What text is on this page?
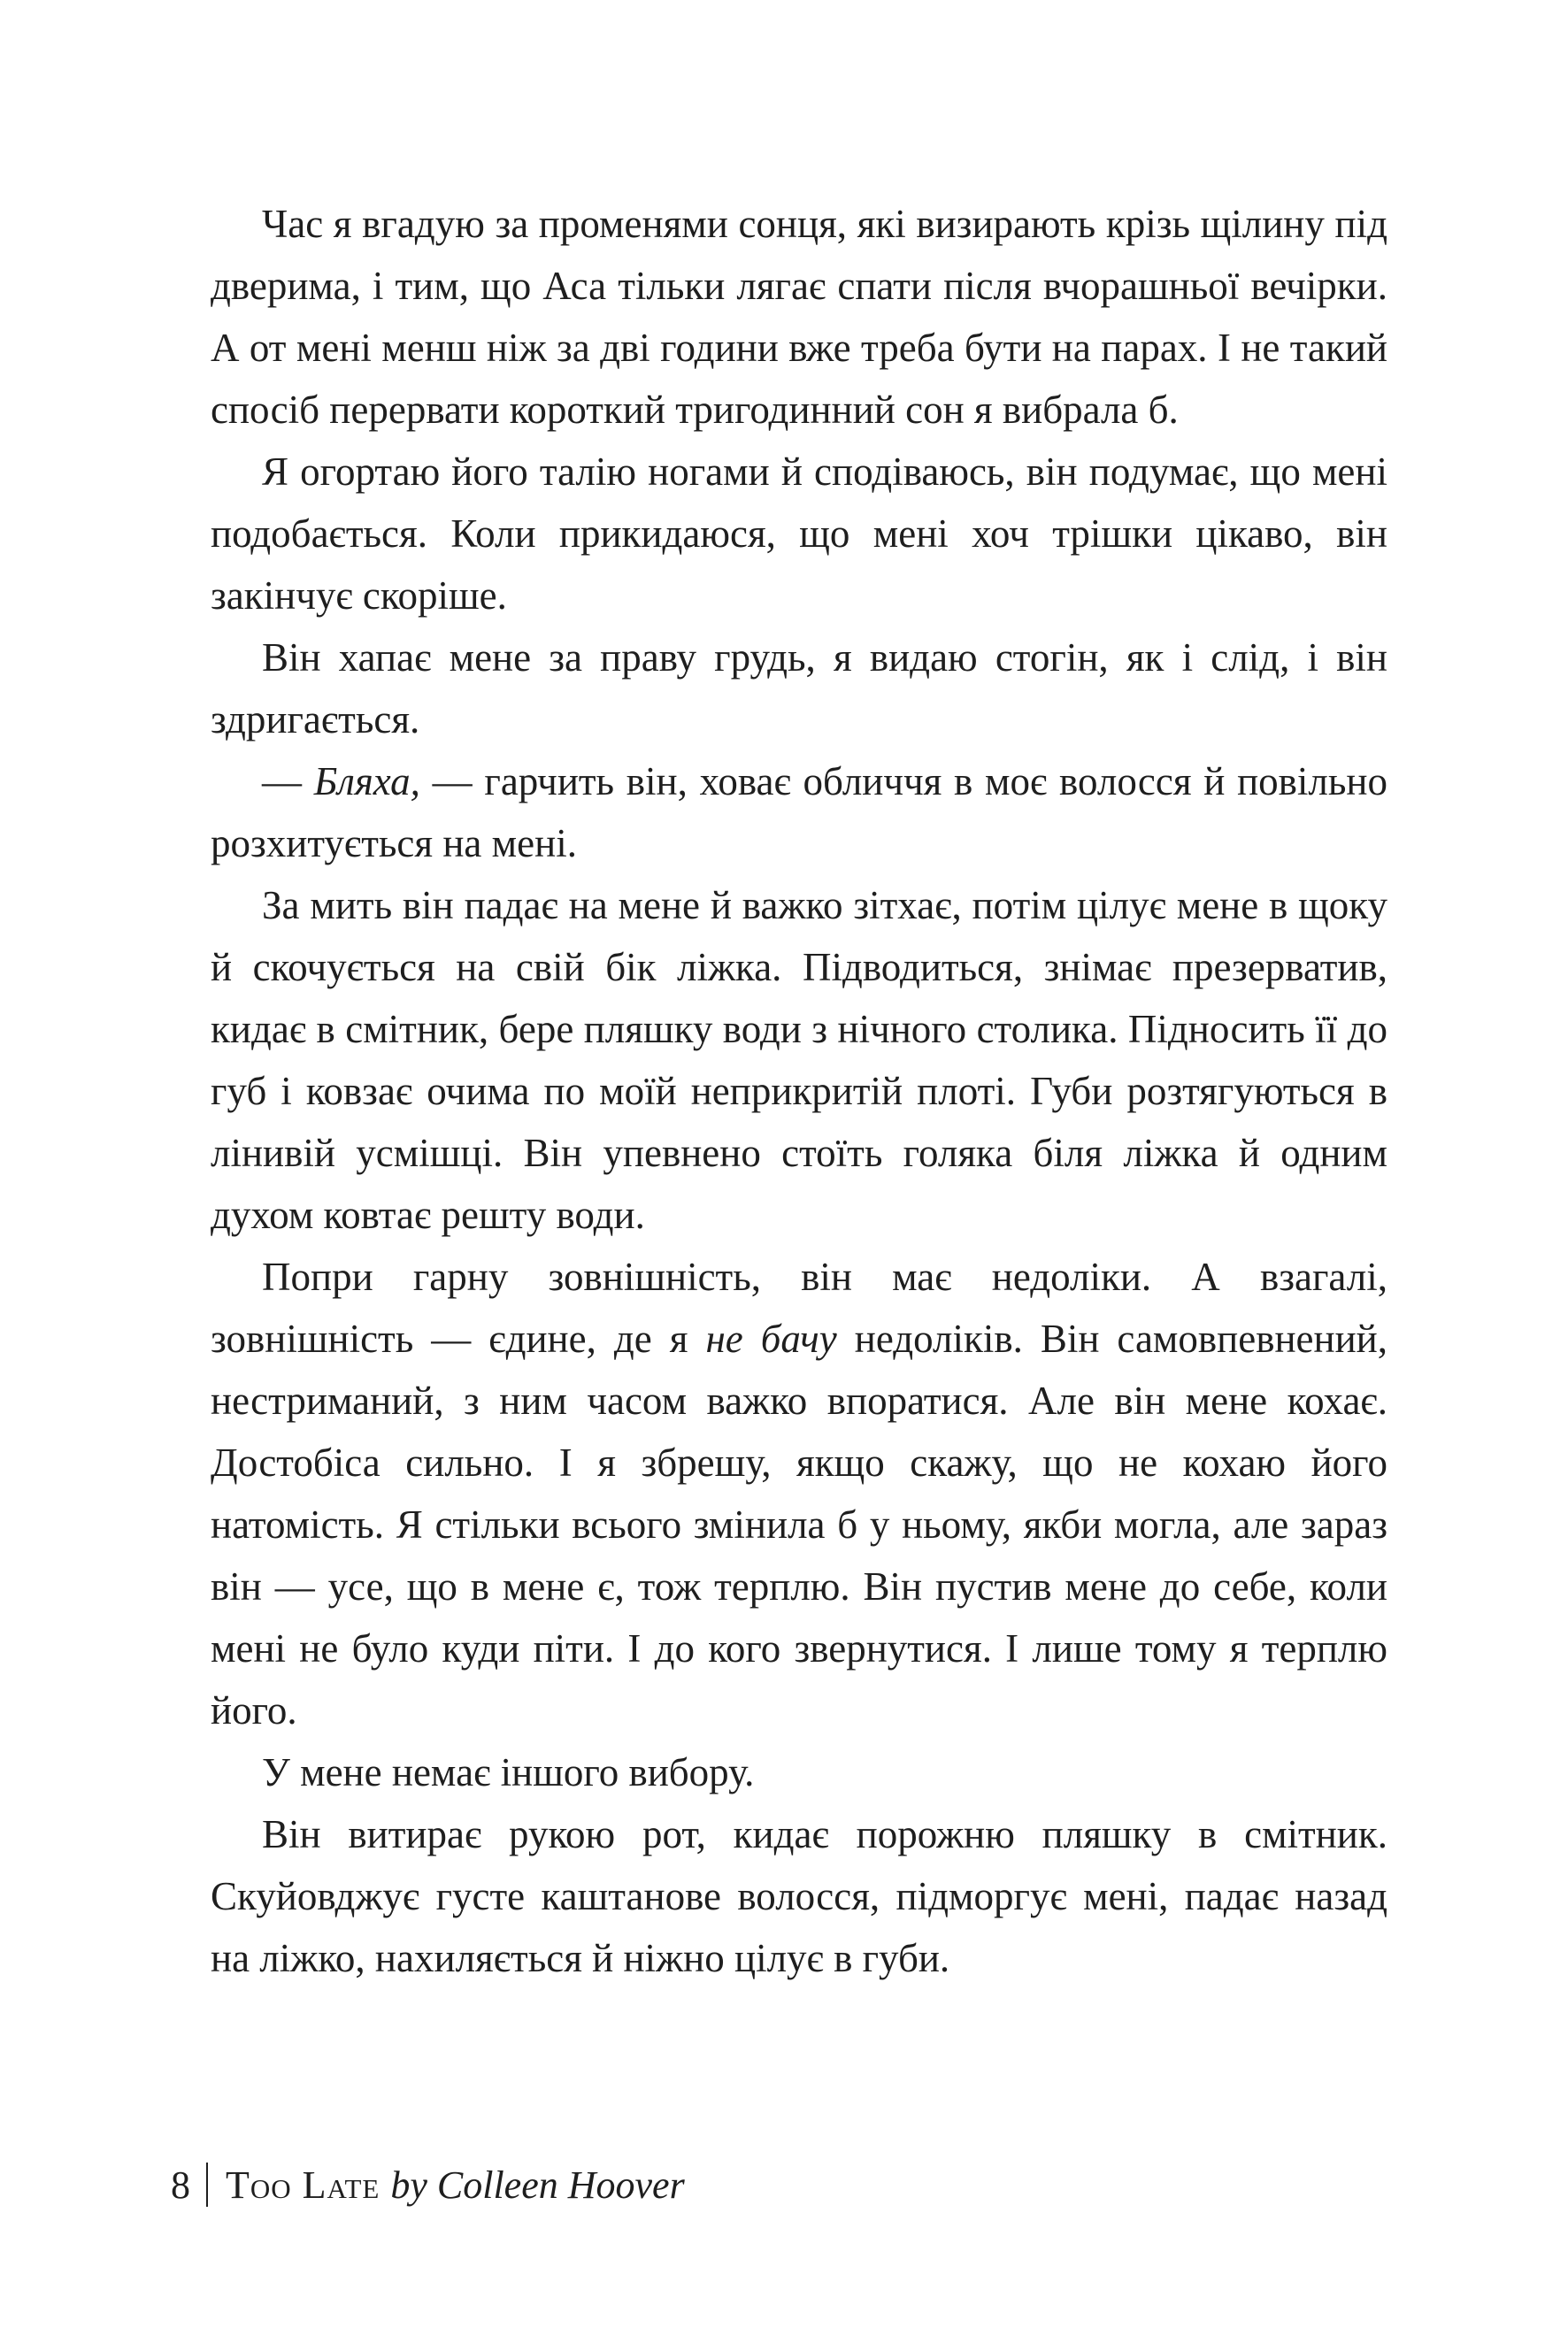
Час я вгадую за променями сонця, які визирають крізь щілину під дверима, і тим, що Аса тільки лягає спати після вчорашньої вечірки. А от мені менш ніж за дві години вже треба бути на парах. І не такий спосіб перервати короткий тригодинний сон я вибрала б.

Я огортаю його талію ногами й сподіваюсь, він подумає, що мені подобається. Коли прикидаюся, що мені хоч трішки цікаво, він закінчує скоріше.

Він хапає мене за праву грудь, я видаю стогін, як і слід, і він здригається.

— Бляха, — гарчить він, ховає обличчя в моє волосся й повільно розхитується на мені.

За мить він падає на мене й важко зітхає, потім цілує мене в щоку й скочується на свій бік ліжка. Підводиться, знімає презерватив, кидає в смітник, бере пляшку води з нічного столика. Підносить її до губ і ковзає очима по моїй неприкритій плоті. Губи розтягуються в лінивій усмішці. Він упевнено стоїть голяка біля ліжка й одним духом ковтає решту води.

Попри гарну зовнішність, він має недоліки. А взагалі, зовнішність — єдине, де я не бачу недоліків. Він самовпевнений, нестриманий, з ним часом важко впоратися. Але він мене кохає. Достобіса сильно. І я збрешу, якщо скажу, що не кохаю його натомість. Я стільки всього змінила б у ньому, якби могла, але зараз він — усе, що в мене є, тож терплю. Він пустив мене до себе, коли мені не було куди піти. І до кого звернутися. І лише тому я терплю його.

У мене немає іншого вибору.

Він витирає рукою рот, кидає порожню пляшку в смітник. Скуйовджує густе каштанове волосся, підморгує мені, падає назад на ліжко, нахиляється й ніжно цілує в губи.

8 Too Late by Colleen Hoover
